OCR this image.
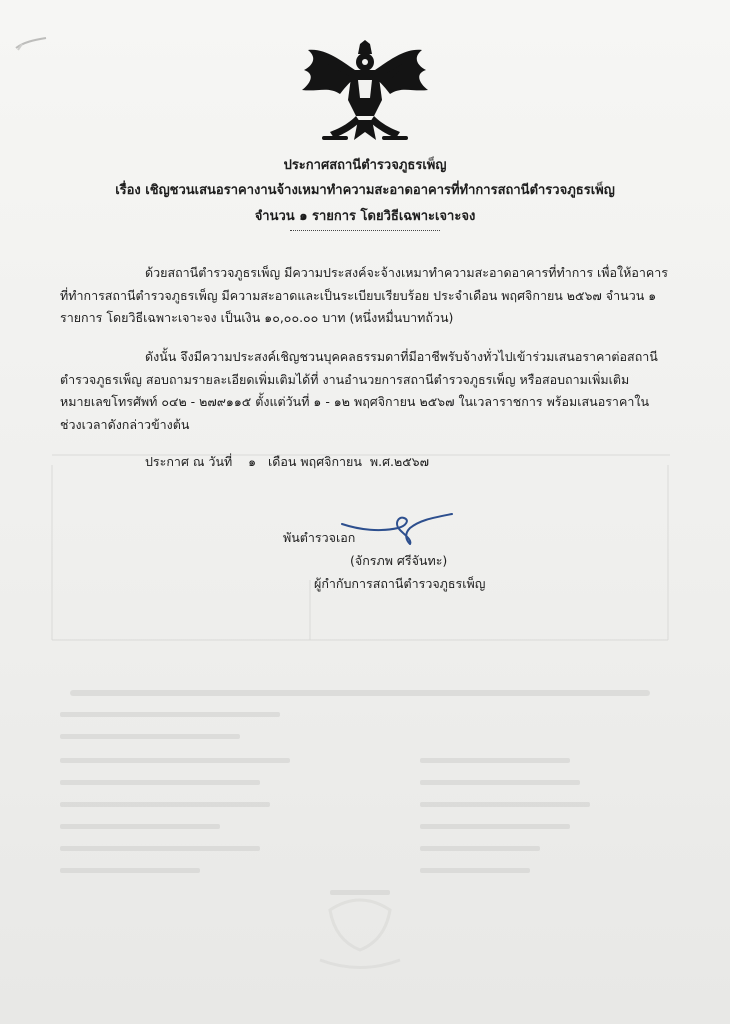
ประกาศสถานีตำรวจภูธรเพ็ญ
เรื่อง เชิญชวนเสนอราคางานจ้างเหมาทำความสะอาดอาคารที่ทำการสถานีตำรวจภูธรเพ็ญ
จำนวน ๑ รายการ โดยวิธีเฉพาะเจาะจง
ด้วยสถานีตำรวจภูธรเพ็ญ มีความประสงค์จะจ้างเหมาทำความสะอาดอาคารที่ทำการ เพื่อให้อาคารที่ทำการสถานีตำรวจภูธรเพ็ญ มีความสะอาดและเป็นระเบียบเรียบร้อย ประจำเดือน พฤศจิกายน ๒๕๖๗ จำนวน ๑ รายการ โดยวิธีเฉพาะเจาะจง เป็นเงิน ๑๐,๐๐.๐๐ บาท (หนึ่งหมื่นบาทถ้วน)
ดังนั้น จึงมีความประสงค์เชิญชวนบุคคลธรรมดาที่มีอาชีพรับจ้างทั่วไปเข้าร่วมเสนอราคาต่อสถานีตำรวจภูธรเพ็ญ สอบถามรายละเอียดเพิ่มเติมได้ที่ งานอำนวยการสถานีตำรวจภูธรเพ็ญ หรือสอบถามเพิ่มเติม หมายเลขโทรศัพท์ ๐๔๒ - ๒๗๙๑๑๕ ตั้งแต่วันที่ ๑ - ๑๒ พฤศจิกายน ๒๕๖๗ ในเวลาราชการ พร้อมเสนอราคาในช่วงเวลาดังกล่าวข้างต้น
ประกาศ ณ วันที่    ๑   เดือน พฤศจิกายน  พ.ศ.๒๕๖๗
พันตำรวจเอก
(จักรภพ ศรีจันทะ)
ผู้กำกับการสถานีตำรวจภูธรเพ็ญ
